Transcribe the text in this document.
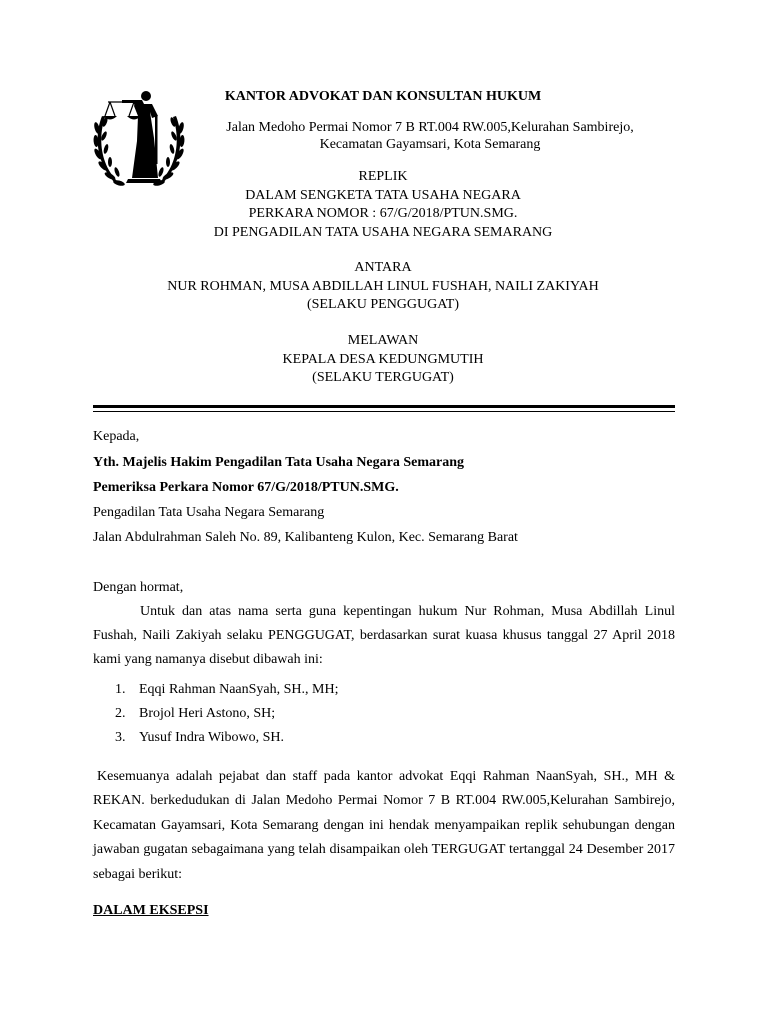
KANTOR ADVOKAT DAN KONSULTAN HUKUM
Jalan Medoho Permai Nomor 7 B RT.004 RW.005,Kelurahan Sambirejo,
Kecamatan Gayamsari, Kota Semarang
REPLIK
DALAM SENGKETA TATA USAHA NEGARA
PERKARA NOMOR : 67/G/2018/PTUN.SMG.
DI PENGADILAN TATA USAHA NEGARA SEMARANG
ANTARA
NUR ROHMAN, MUSA ABDILLAH LINUL FUSHAH, NAILI ZAKIYAH
(SELAKU PENGGUGAT)
MELAWAN
KEPALA DESA KEDUNGMUTIH
(SELAKU TERGUGAT)
Kepada,
Yth. Majelis Hakim Pengadilan Tata Usaha Negara Semarang
Pemeriksa Perkara Nomor 67/G/2018/PTUN.SMG.
Pengadilan Tata Usaha Negara Semarang
Jalan Abdulrahman Saleh No. 89, Kalibanteng Kulon, Kec. Semarang Barat
Dengan hormat,
Untuk dan atas nama serta guna kepentingan hukum Nur Rohman, Musa Abdillah Linul Fushah, Naili Zakiyah selaku PENGGUGAT, berdasarkan surat kuasa khusus tanggal 27 April 2018 kami yang namanya disebut dibawah ini:
1. Eqqi Rahman NaanSyah, SH., MH;
2. Brojol Heri Astono, SH;
3. Yusuf Indra Wibowo, SH.
Kesemuanya adalah pejabat dan staff pada kantor advokat Eqqi Rahman NaanSyah, SH., MH & REKAN. berkedudukan di Jalan Medoho Permai Nomor 7 B RT.004 RW.005,Kelurahan Sambirejo, Kecamatan Gayamsari, Kota Semarang dengan ini hendak menyampaikan replik sehubungan dengan jawaban gugatan sebagaimana yang telah disampaikan oleh TERGUGAT tertanggal 24 Desember 2017 sebagai berikut:
DALAM EKSEPSI
